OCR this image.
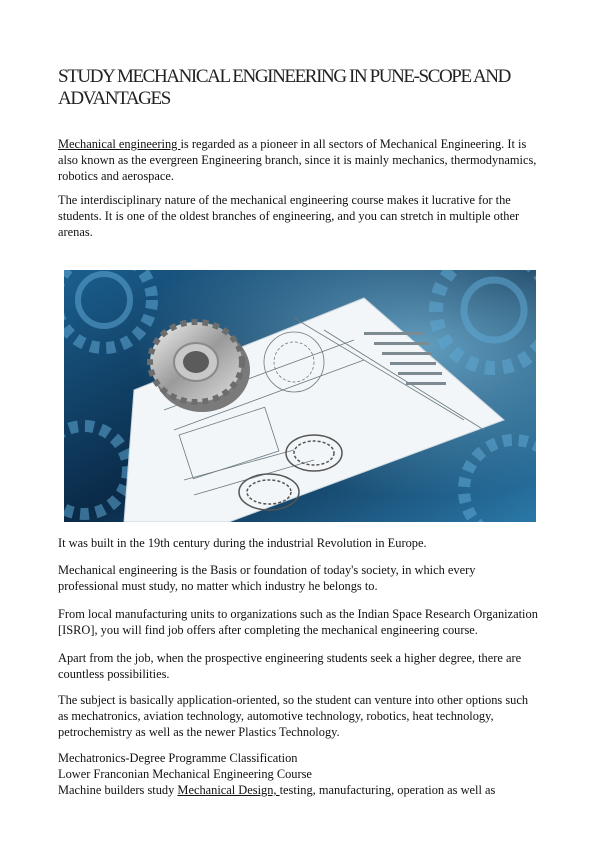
STUDY MECHANICAL ENGINEERING IN PUNE-SCOPE AND ADVANTAGES

Mechanical engineering is regarded as a pioneer in all sectors of Mechanical Engineering. It is also known as the evergreen Engineering branch, since it is mainly mechanics, thermodynamics, robotics and aerospace.

The interdisciplinary nature of the mechanical engineering course makes it lucrative for the students. It is one of the oldest branches of engineering, and you can stretch in multiple other arenas.

It was built in the 19th century during the industrial Revolution in Europe.

Mechanical engineering is the Basis or foundation of today's society, in which every professional must study, no matter which industry he belongs to.

From local manufacturing units to organizations such as the Indian Space Research Organization [ISRO], you will find job offers after completing the mechanical engineering course.

Apart from the job, when the prospective engineering students seek a higher degree, there are countless possibilities.

The subject is basically application-oriented, so the student can venture into other options such as mechatronics, aviation technology, automotive technology, robotics, heat technology, petrochemistry as well as the newer Plastics Technology.

Mechatronics-Degree Programme Classification
Lower Franconian Mechanical Engineering Course
Machine builders study Mechanical Design, testing, manufacturing, operation as well as
